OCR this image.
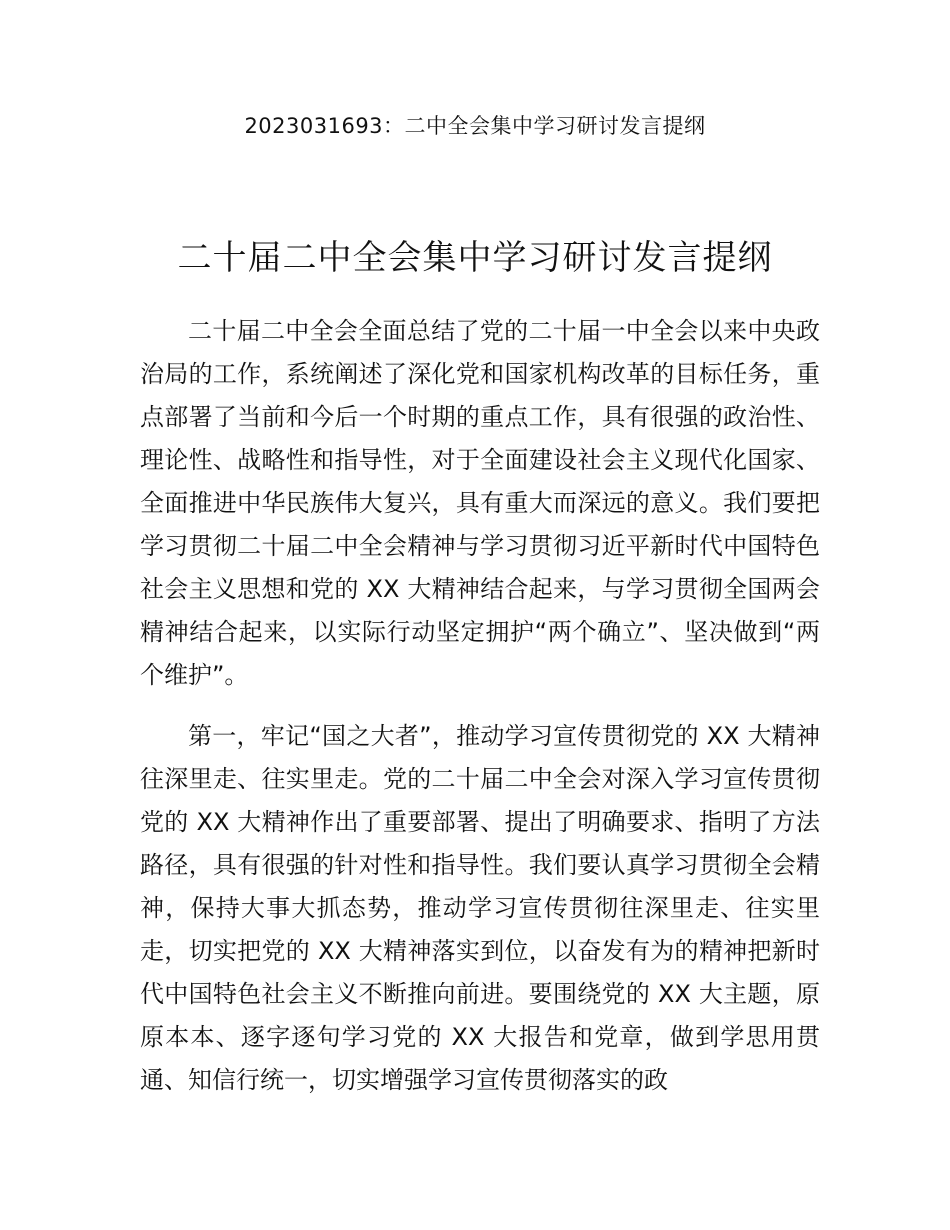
2023031693：二中全会集中学习研讨发言提纲
二十届二中全会集中学习研讨发言提纲

二十届二中全会全面总结了党的二十届一中全会以来中央政治局的工作，系统阐述了深化党和国家机构改革的目标任务，重点部署了当前和今后一个时期的重点工作，具有很强的政治性、理论性、战略性和指导性，对于全面建设社会主义现代化国家、全面推进中华民族伟大复兴，具有重大而深远的意义。我们要把学习贯彻二十届二中全会精神与学习贯彻习近平新时代中国特色社会主义思想和党的 XX 大精神结合起来，与学习贯彻全国两会精神结合起来，以实际行动坚定拥护“两个确立”、坚决做到“两个维护”。

第一，牢记“国之大者”，推动学习宣传贯彻党的 XX 大精神往深里走、往实里走。党的二十届二中全会对深入学习宣传贯彻党的 XX 大精神作出了重要部署、提出了明确要求、指明了方法路径，具有很强的针对性和指导性。我们要认真学习贯彻全会精神，保持大事大抓态势，推动学习宣传贯彻往深里走、往实里走，切实把党的 XX 大精神落实到位，以奋发有为的精神把新时代中国特色社会主义不断推向前进。要围绕党的 XX 大主题，原原本本、逐字逐句学习党的 XX 大报告和党章，做到学思用贯通、知信行统一，切实增强学习宣传贯彻落实的政
